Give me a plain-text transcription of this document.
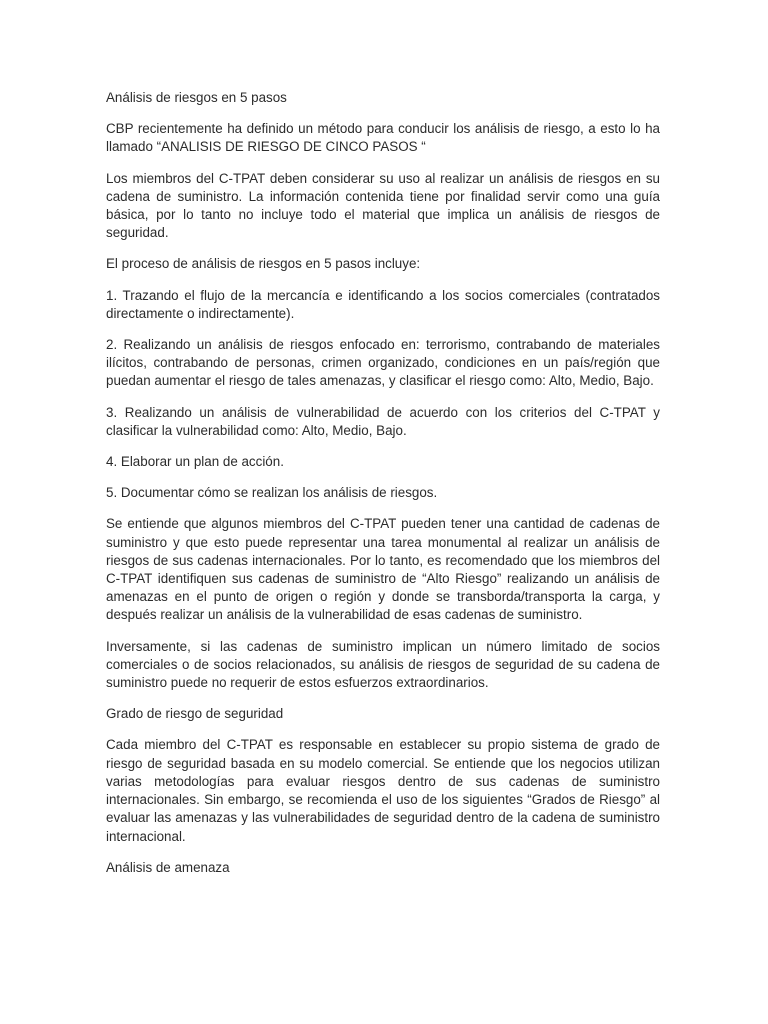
Análisis de riesgos en 5 pasos

CBP recientemente ha definido un método para conducir los análisis de riesgo, a esto lo ha llamado “ANALISIS DE RIESGO DE CINCO PASOS “

Los miembros del C-TPAT deben considerar su uso al realizar un análisis de riesgos en su cadena de suministro. La información contenida tiene por finalidad servir como una guía básica, por lo tanto no incluye todo el material que implica un análisis de riesgos de seguridad.

El proceso de análisis de riesgos en 5 pasos incluye:

1. Trazando el flujo de la mercancía e identificando a los socios comerciales (contratados directamente o indirectamente).

2. Realizando un análisis de riesgos enfocado en: terrorismo, contrabando de materiales ilícitos, contrabando de personas, crimen organizado, condiciones en un país/región que puedan aumentar el riesgo de tales amenazas, y clasificar el riesgo como: Alto, Medio, Bajo.

3. Realizando un análisis de vulnerabilidad de acuerdo con los criterios del C-TPAT y clasificar la vulnerabilidad como: Alto, Medio, Bajo.

4. Elaborar un plan de acción.

5. Documentar cómo se realizan los análisis de riesgos.

Se entiende que algunos miembros del C-TPAT pueden tener una cantidad de cadenas de suministro y que esto puede representar una tarea monumental al realizar un análisis de riesgos de sus cadenas internacionales. Por lo tanto, es recomendado que los miembros del C-TPAT identifiquen sus cadenas de suministro de “Alto Riesgo” realizando un análisis de amenazas en el punto de origen o región y donde se transborda/transporta la carga, y después realizar un análisis de la vulnerabilidad de esas cadenas de suministro.

Inversamente, si las cadenas de suministro implican un número limitado de socios comerciales o de socios relacionados, su análisis de riesgos de seguridad de su cadena de suministro puede no requerir de estos esfuerzos extraordinarios.

Grado de riesgo de seguridad

Cada miembro del C-TPAT es responsable en establecer su propio sistema de grado de riesgo de seguridad basada en su modelo comercial. Se entiende que los negocios utilizan varias metodologías para evaluar riesgos dentro de sus cadenas de suministro internacionales. Sin embargo, se recomienda el uso de los siguientes “Grados de Riesgo” al evaluar las amenazas y las vulnerabilidades de seguridad dentro de la cadena de suministro internacional.

Análisis de amenaza
